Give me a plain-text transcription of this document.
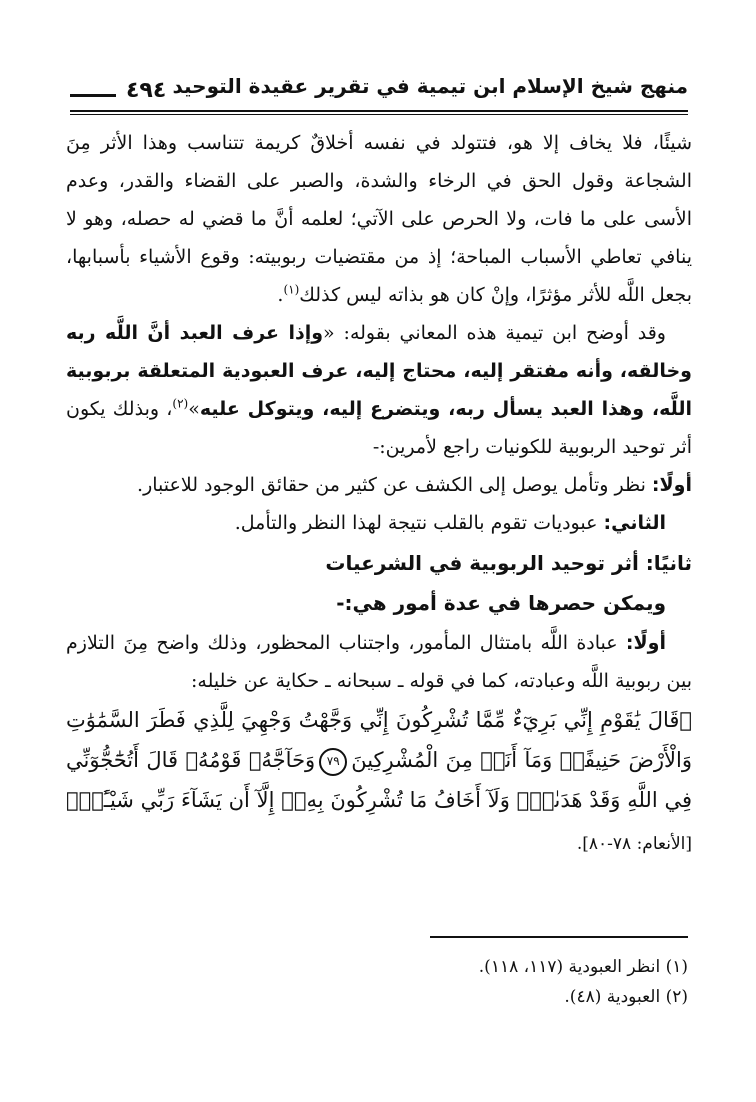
منهج شيخ الإسلام ابن تيمية في تقرير عقيدة التوحيد
٤٩٤

شيئًا، فلا يخاف إلا هو، فتتولد في نفسه أخلاقٌ كريمة تتناسب وهذا الأثر مِنَ الشجاعة وقول الحق في الرخاء والشدة، والصبر على القضاء والقدر، وعدم الأسى على ما فات، ولا الحرص على الآتي؛ لعلمه أنَّ ما قضي له حصله، وهو لا ينافي تعاطي الأسباب المباحة؛ إذ من مقتضيات ربوبيته: وقوع الأشياء بأسبابها، بجعل اللَّه للأثر مؤثرًا، وإنْ كان هو بذاته ليس كذلك$^{(١)}$.

وقد أوضح ابن تيمية هذه المعاني بقوله: «وإذا عرف العبد أنَّ اللَّه ربه وخالقه، وأنه مفتقر إليه، محتاج إليه، عرف العبودية المتعلقة بربوبية اللَّه، وهذا العبد يسأل ربه، ويتضرع إليه، ويتوكل عليه»$^{(٢)}$، وبذلك يكون أثر توحيد الربوبية للكونيات راجع لأمرين:-

أولًا: نظر وتأمل يوصل إلى الكشف عن كثير من حقائق الوجود للاعتبار.

الثاني: عبوديات تقوم بالقلب نتيجة لهذا النظر والتأمل.

ثانيًا: أثر توحيد الربوبية في الشرعيات

ويمكن حصرها في عدة أمور هي:-

أولًا: عبادة اللَّه بامتثال المأمور، واجتناب المحظور، وذلك واضح مِنَ التلازم بين ربوبية اللَّه وعبادته، كما في قوله ـ سبحانه ـ حكاية عن خليله:

﴿قَالَ يَٰقَوْمِ إِنِّي بَرِيٓءٌ مِّمَّا تُشْرِكُونَ إِنِّي وَجَّهْتُ وَجْهِيَ لِلَّذِي فَطَرَ السَّمَٰوَٰتِ وَالْأَرْضَ حَنِيفًاۖ وَمَآ أَنَا۠ مِنَ الْمُشْرِكِينَ٧٩وَحَآجَّهُۥ قَوْمُهُۥ قَالَ أَتُحَٰٓجُّوٓنِّي فِي اللَّهِ وَقَدْ هَدَىٰنِۚ وَلَآ أَخَافُ مَا تُشْرِكُونَ بِهِۦٓ إِلَّآ أَن يَشَآءَ رَبِّي شَيْـًٔاۗ﴾ [الأنعام: ٧٨-٨٠].

(١) انظر العبودية (١١٧، ١١٨).

(٢) العبودية (٤٨).
